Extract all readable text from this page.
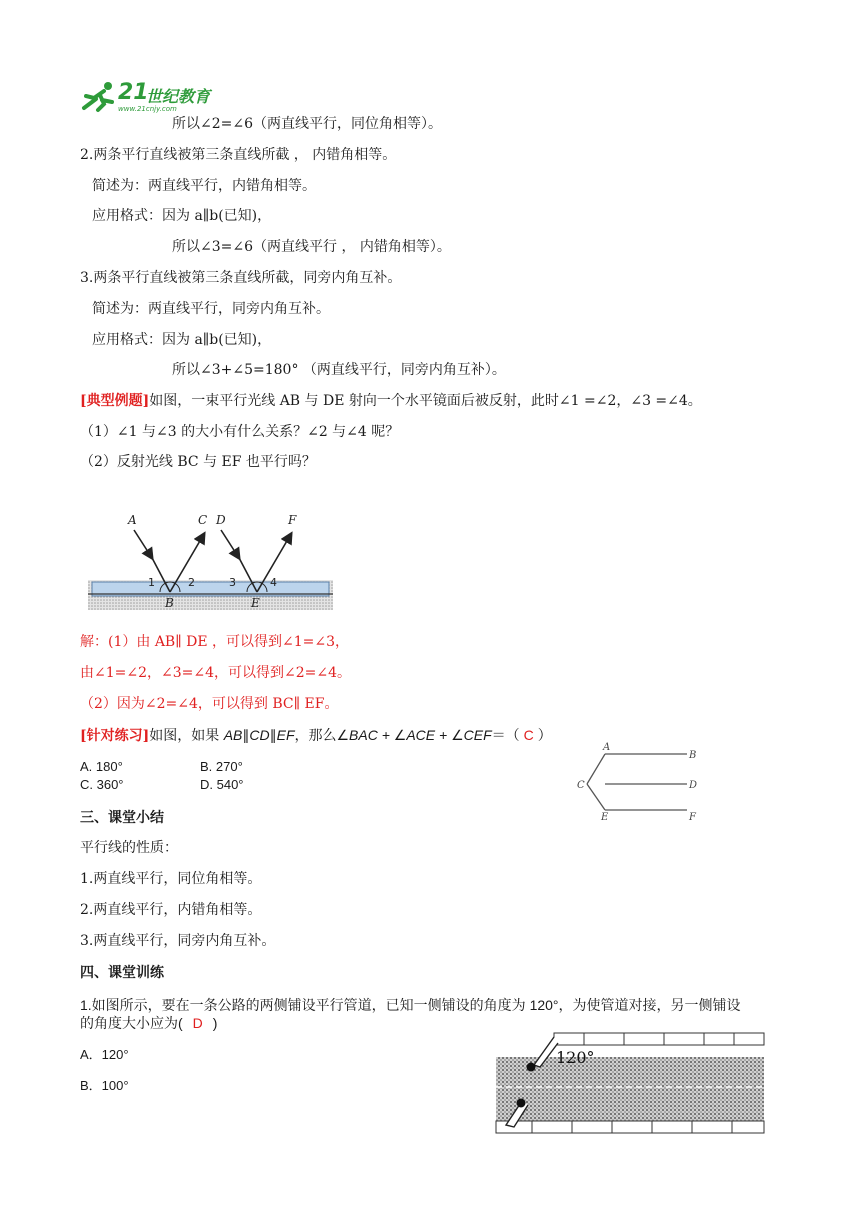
21
世纪教育
www.21cnjy.com
所以∠2=∠6（两直线平行，同位角相等）。
2.两条平行直线被第三条直线所截 ， 内错角相等。
简述为：两直线平行，内错角相等。
应用格式：因为 a∥b(已知)，
所以∠3=∠6（两直线平行 ， 内错角相等）。
3.两条平行直线被第三条直线所截，同旁内角互补。
简述为：两直线平行，同旁内角互补。
应用格式：因为 a∥b(已知)，
所以∠3+∠5=180° （两直线平行，同旁内角互补）。
[典型例题]如图，一束平行光线 AB 与 DE 射向一个水平镜面后被反射，此时∠1 =∠2，∠3 =∠4。
（1）∠1 与∠3 的大小有什么关系？∠2 与∠4 呢？
（2）反射光线 BC 与 EF 也平行吗？
A	C D	F
B	E
1	2	3	4
解：(1）由 AB∥ DE ，可以得到∠1=∠3，
由∠1=∠2，∠3=∠4，可以得到∠2=∠4。
（2）因为∠2=∠4，可以得到 BC∥ EF。
[针对练习]如图，如果 AB∥CD∥EF，那么∠BAC + ∠ACE + ∠CEF＝（ C ）
A. 180°	B. 270°
C. 360°	D. 540°
A
B
C	D
E	F
三、课堂小结
平行线的性质：
1.两直线平行，同位角相等。
2.两直线平行，内错角相等。
3.两直线平行，同旁内角互补。
四、课堂训练
1.如图所示，要在一条公路的两侧铺设平行管道，已知一侧铺设的角度为 120°，为使管道对接，另一侧铺设
的角度大小应为( D )
A．120°
B．100°
120°
